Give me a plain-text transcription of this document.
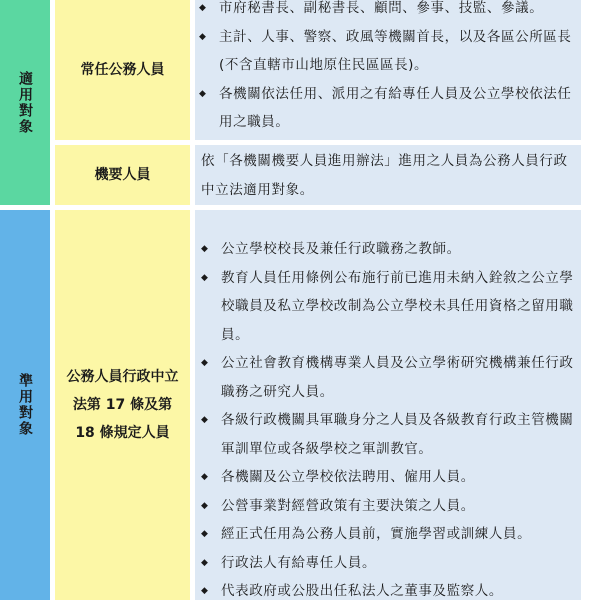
適用對象
常任公務人員
◆ 市府秘書長、副秘書長、顧問、參事、技監、參議。
◆ 主計、人事、警察、政風等機關首長，以及各區公所區長(不含直轄市山地原住民區區長)。
◆ 各機關依法任用、派用之有給專任人員及公立學校依法任用之職員。
機要人員
依「各機關機要人員進用辦法」進用之人員為公務人員行政中立法適用對象。
準用對象 公務人員行政中立法第 17 條及第 18 條規定人員
◆ 公立學校校長及兼任行政職務之教師。
◆ 教育人員任用條例公布施行前已進用未納入銓敘之公立學校職員及私立學校改制為公立學校未具任用資格之留用職員。
◆ 公立社會教育機構專業人員及公立學術研究機構兼任行政職務之研究人員。
◆ 各級行政機關具軍職身分之人員及各級教育行政主管機關軍訓單位或各級學校之軍訓教官。
◆ 各機關及公立學校依法聘用、僱用人員。
◆ 公營事業對經營政策有主要決策之人員。
◆ 經正式任用為公務人員前，實施學習或訓練人員。
◆ 行政法人有給專任人員。
◆ 代表政府或公股出任私法人之董事及監察人。
